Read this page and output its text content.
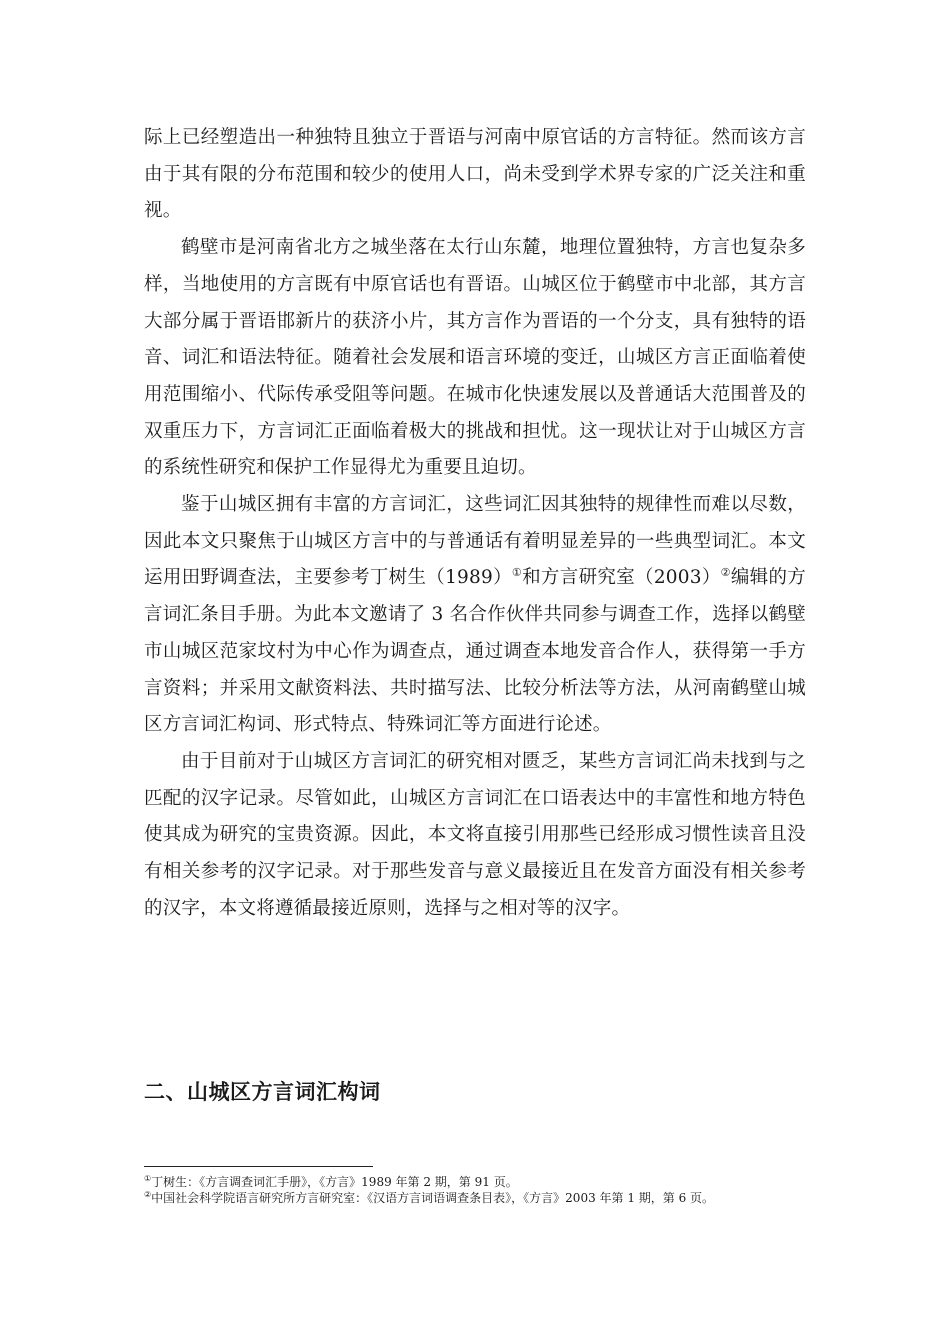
际上已经塑造出一种独特且独立于晋语与河南中原官话的方言特征。然而该方言由于其有限的分布范围和较少的使用人口，尚未受到学术界专家的广泛关注和重视。

鹤壁市是河南省北方之城坐落在太行山东麓，地理位置独特，方言也复杂多样，当地使用的方言既有中原官话也有晋语。山城区位于鹤壁市中北部，其方言大部分属于晋语邯新片的获济小片，其方言作为晋语的一个分支，具有独特的语音、词汇和语法特征。随着社会发展和语言环境的变迁，山城区方言正面临着使用范围缩小、代际传承受阻等问题。在城市化快速发展以及普通话大范围普及的双重压力下，方言词汇正面临着极大的挑战和担忧。这一现状让对于山城区方言的系统性研究和保护工作显得尤为重要且迫切。

鉴于山城区拥有丰富的方言词汇，这些词汇因其独特的规律性而难以尽数，因此本文只聚焦于山城区方言中的与普通话有着明显差异的一些典型词汇。本文运用田野调查法，主要参考丁树生（1989）①和方言研究室（2003）②编辑的方言词汇条目手册。为此本文邀请了 3 名合作伙伴共同参与调查工作，选择以鹤壁市山城区范家坟村为中心作为调查点，通过调查本地发音合作人，获得第一手方言资料；并采用文献资料法、共时描写法、比较分析法等方法，从河南鹤壁山城区方言词汇构词、形式特点、特殊词汇等方面进行论述。

由于目前对于山城区方言词汇的研究相对匮乏，某些方言词汇尚未找到与之匹配的汉字记录。尽管如此，山城区方言词汇在口语表达中的丰富性和地方特色使其成为研究的宝贵资源。因此，本文将直接引用那些已经形成习惯性读音且没有相关参考的汉字记录。对于那些发音与意义最接近且在发音方面没有相关参考的汉字，本文将遵循最接近原则，选择与之相对等的汉字。

二、山城区方言词汇构词

①丁树生：《方言调查词汇手册》，《方言》1989 年第 2 期，第 91 页。

②中国社会科学院语言研究所方言研究室：《汉语方言词语调查条目表》，《方言》2003 年第 1 期，第 6 页。
